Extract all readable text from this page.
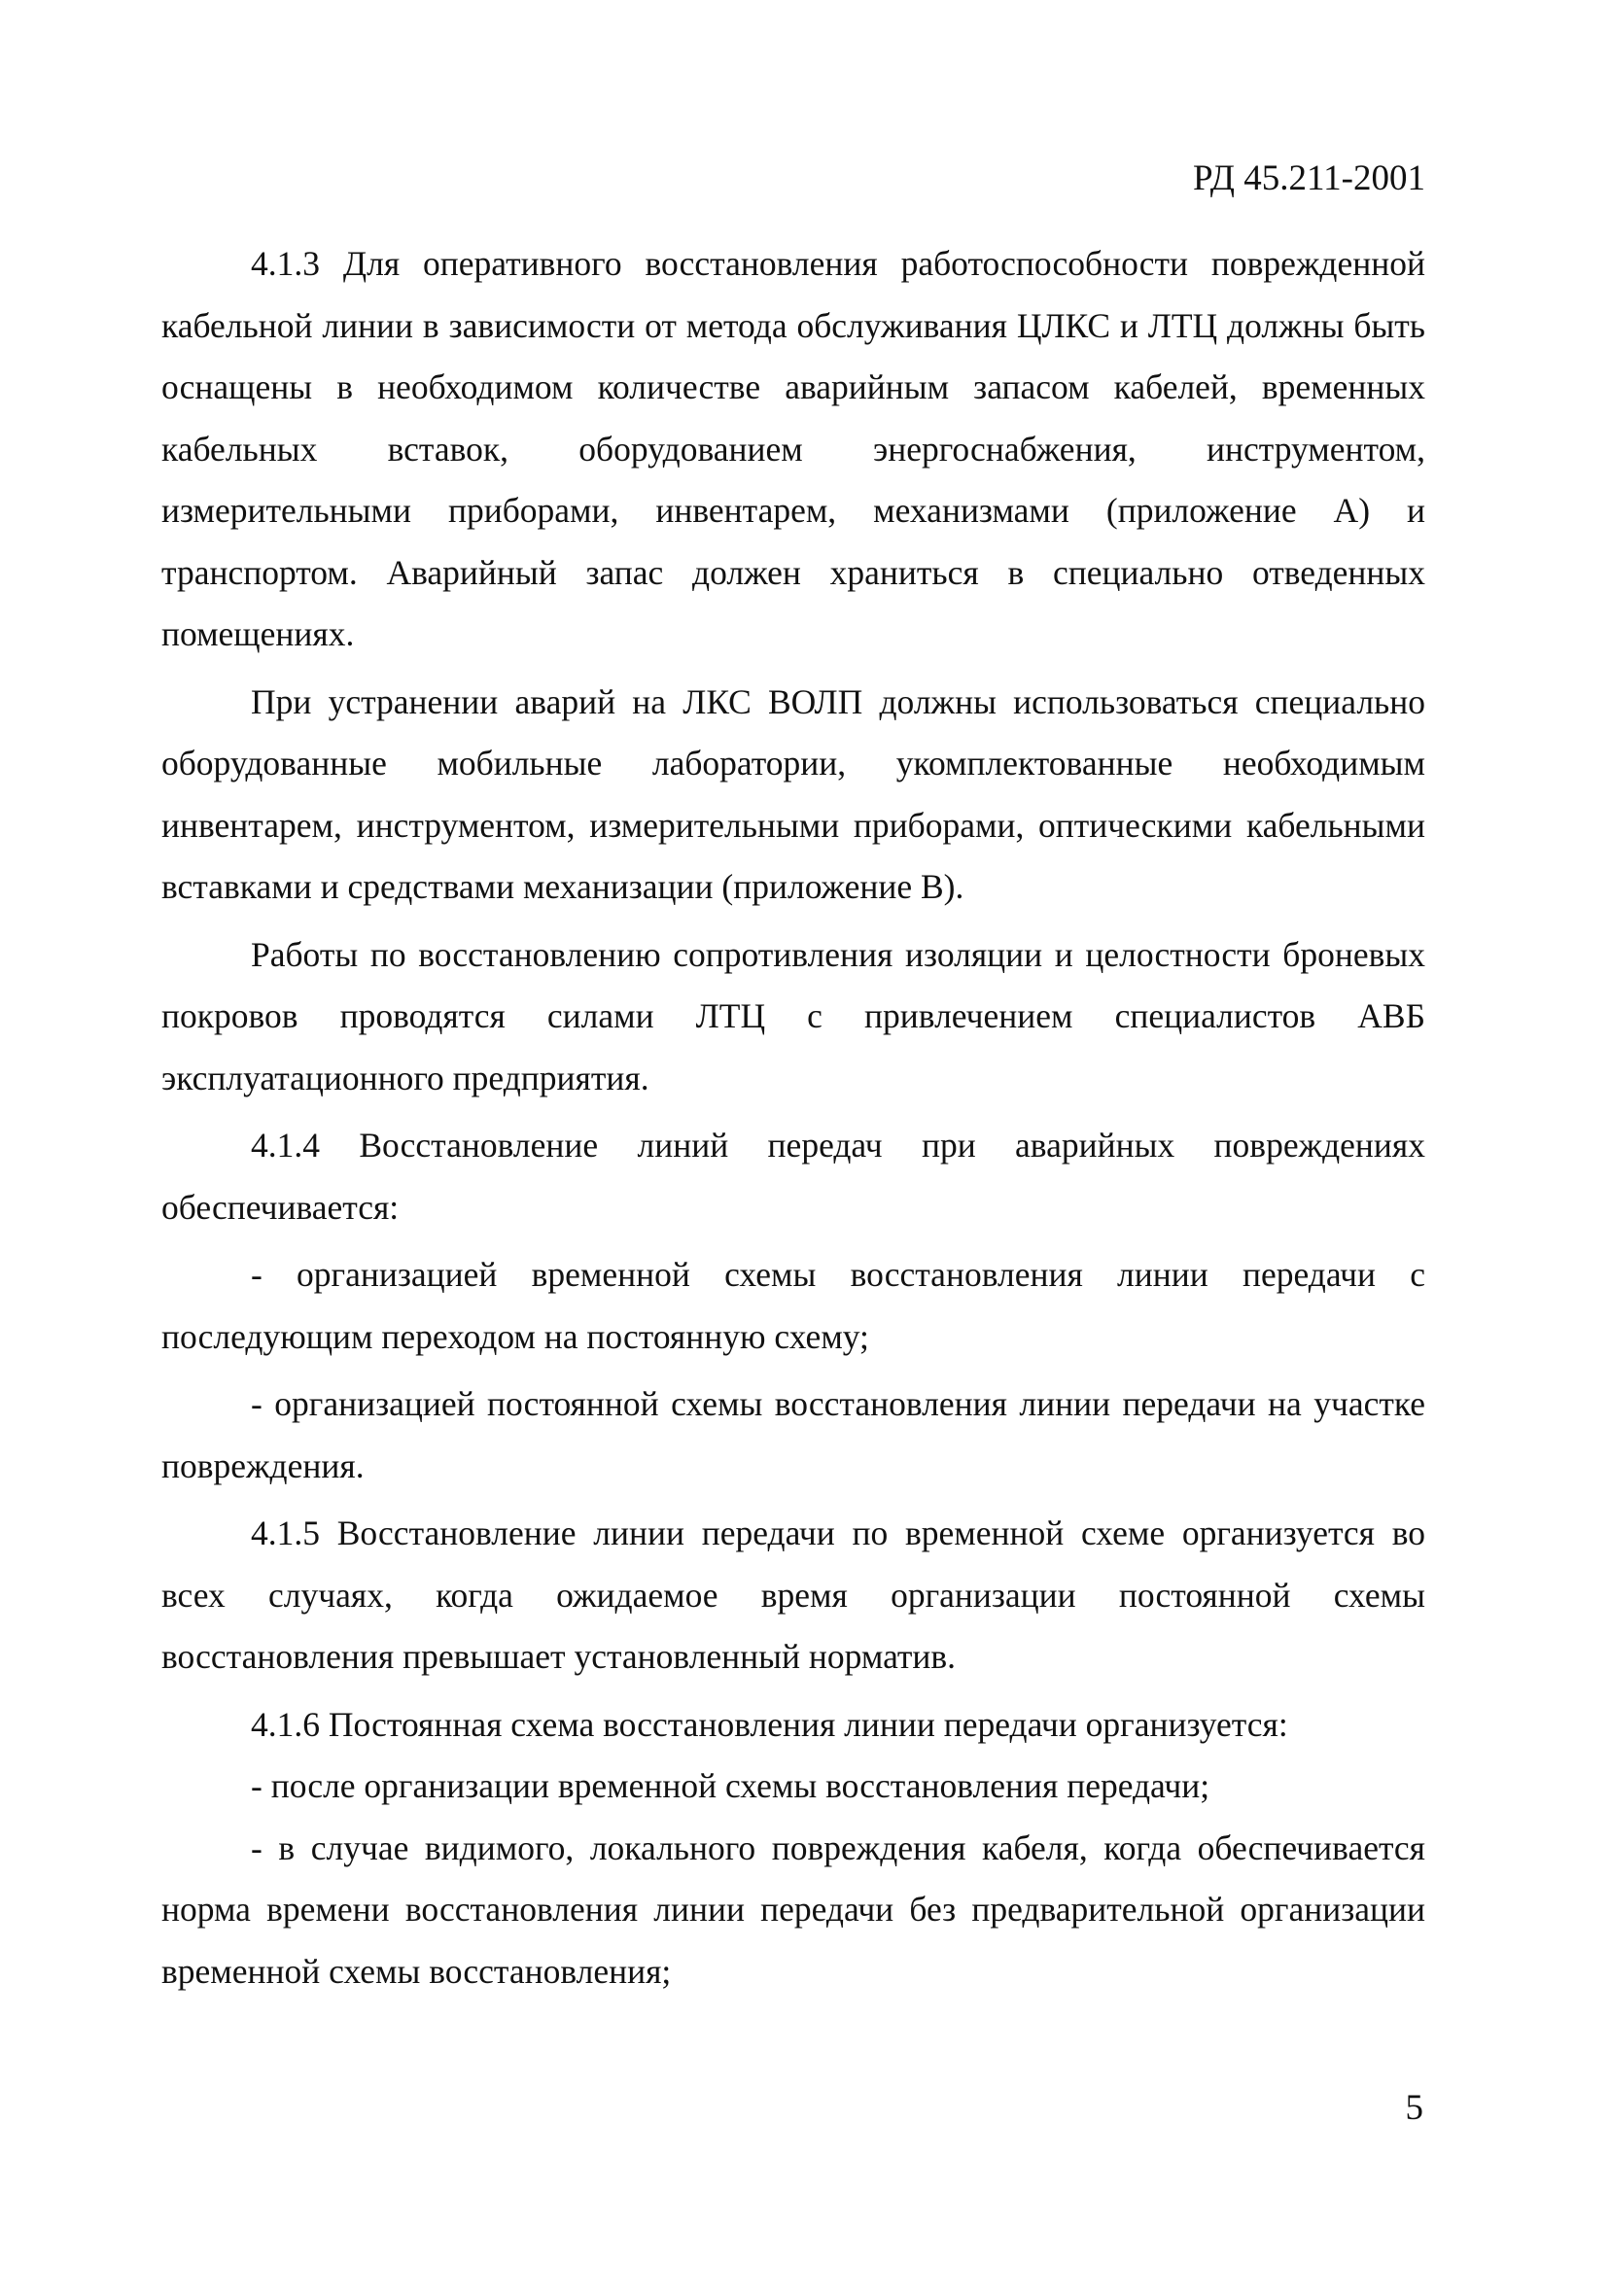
РД 45.211-2001

4.1.3 Для оперативного восстановления работоспособности поврежденной кабельной линии в зависимости от метода обслуживания ЦЛКС и ЛТЦ должны быть оснащены в необходимом количестве аварийным запасом кабелей, временных кабельных вставок, оборудованием энергоснабжения, инструментом, измерительными приборами, инвентарем, механизмами (приложение А) и транспортом. Аварийный запас должен храниться в специально отведенных помещениях.

При устранении аварий на ЛКС ВОЛП должны использоваться специально оборудованные мобильные лаборатории, укомплектованные необходимым инвентарем, инструментом, измерительными приборами, оптическими кабельными вставками и средствами механизации (приложение В).

Работы по восстановлению сопротивления изоляции и целостности броневых покровов проводятся силами ЛТЦ с привлечением специалистов АВБ эксплуатационного предприятия.

4.1.4 Восстановление линий передач при аварийных повреждениях обеспечивается:

- организацией временной схемы восстановления линии передачи с последующим переходом на постоянную схему;

- организацией постоянной схемы восстановления линии передачи на участке повреждения.

4.1.5 Восстановление линии передачи по временной схеме организуется во всех случаях, когда ожидаемое время организации постоянной схемы восстановления превышает установленный норматив.

4.1.6 Постоянная схема восстановления линии передачи организуется:

- после организации временной схемы восстановления передачи;

- в случае видимого, локального повреждения кабеля, когда обеспечивается норма времени восстановления линии передачи без предварительной организации временной схемы восстановления;

5
